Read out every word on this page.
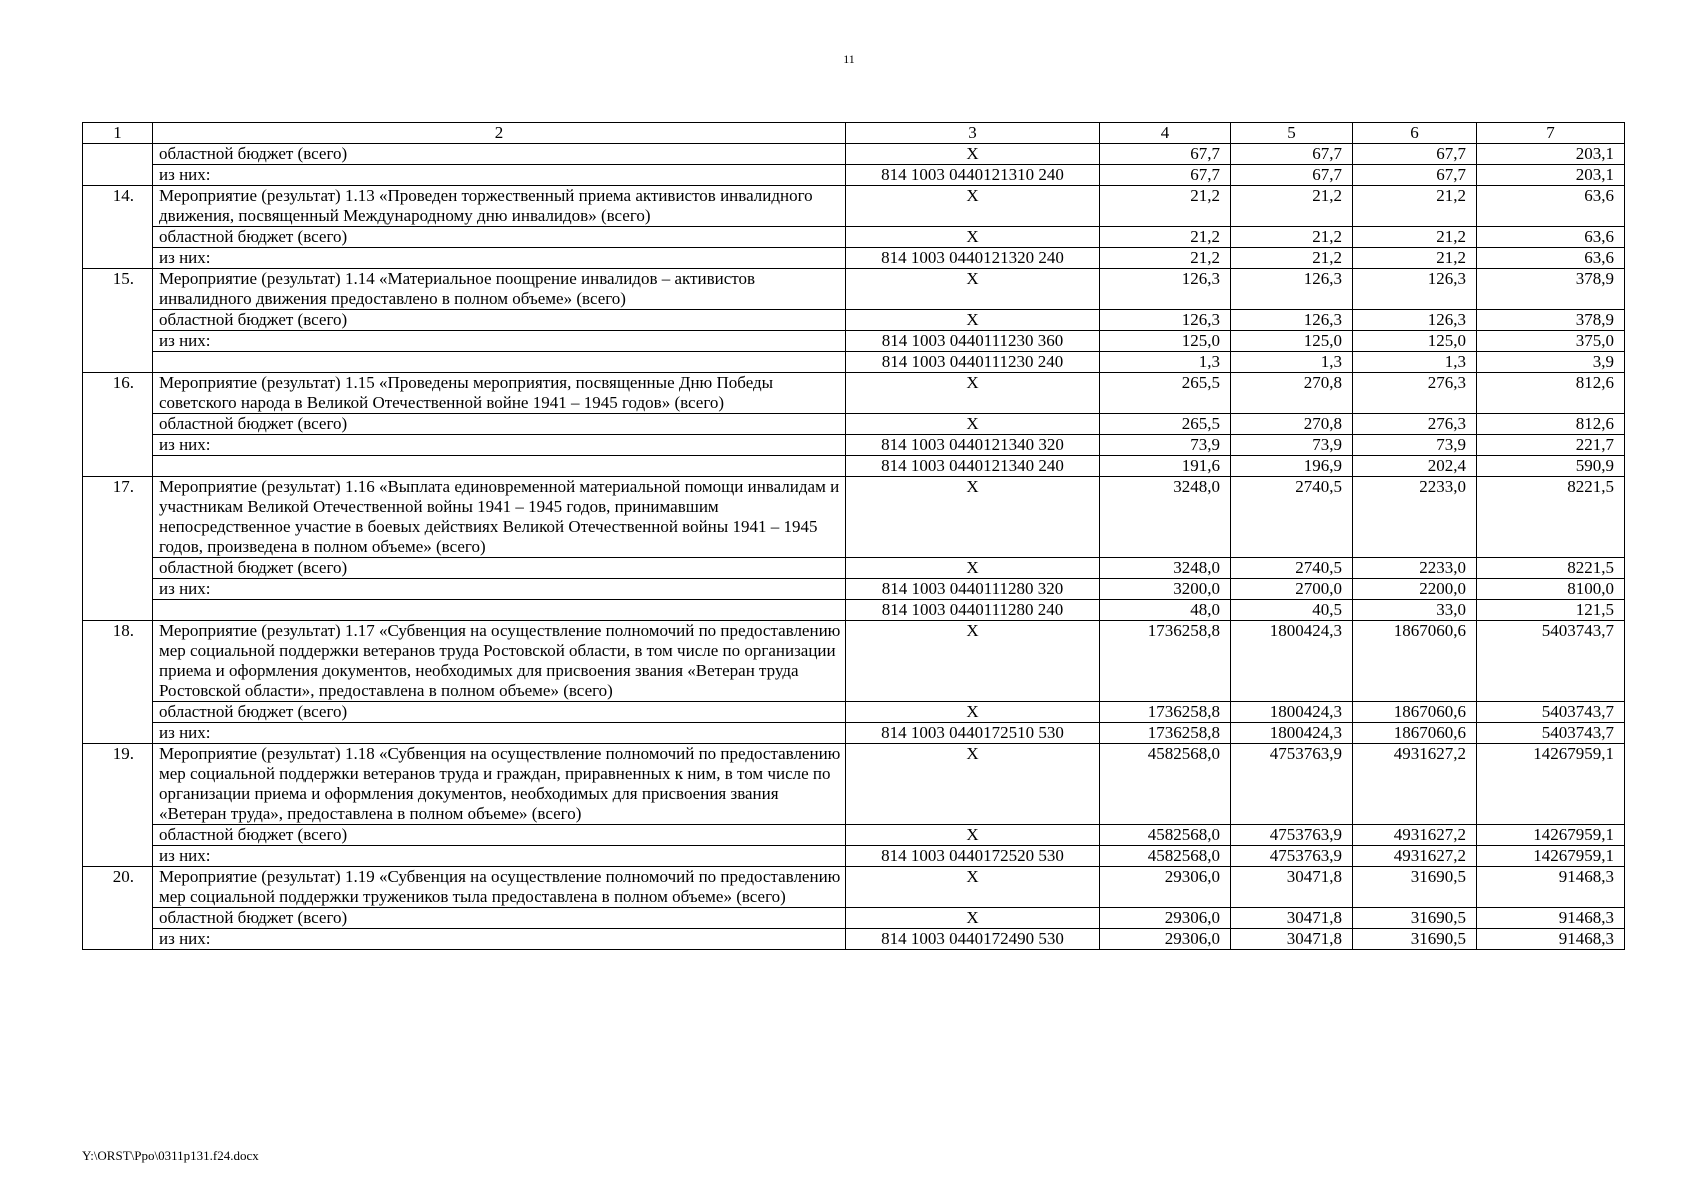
11
1	2	3	4	5	6	7
	областной бюджет (всего)	X	67,7	67,7	67,7	203,1
	из них:	814 1003 0440121310 240	67,7	67,7	67,7	203,1
14.	Мероприятие (результат) 1.13 «Проведен торжественный приема активистов инвалидного движения, посвященный Международному дню инвалидов» (всего)	X	21,2	21,2	21,2	63,6
	областной бюджет (всего)	X	21,2	21,2	21,2	63,6
	из них:	814 1003 0440121320 240	21,2	21,2	21,2	63,6
15.	Мероприятие (результат) 1.14 «Материальное поощрение инвалидов – активистов инвалидного движения предоставлено в полном объеме» (всего)	X	126,3	126,3	126,3	378,9
	областной бюджет (всего)	X	126,3	126,3	126,3	378,9
	из них:	814 1003 0440111230 360	125,0	125,0	125,0	375,0
		814 1003 0440111230 240	1,3	1,3	1,3	3,9
16.	Мероприятие (результат) 1.15 «Проведены мероприятия, посвященные Дню Победы советского народа в Великой Отечественной войне 1941 – 1945 годов» (всего)	X	265,5	270,8	276,3	812,6
	областной бюджет (всего)	X	265,5	270,8	276,3	812,6
	из них:	814 1003 0440121340 320	73,9	73,9	73,9	221,7
		814 1003 0440121340 240	191,6	196,9	202,4	590,9
17.	Мероприятие (результат) 1.16 «Выплата единовременной материальной помощи инвалидам и участникам Великой Отечественной войны 1941 – 1945 годов, принимавшим непосредственное участие в боевых действиях Великой Отечественной войны 1941 – 1945 годов, произведена в полном объеме» (всего)	X	3248,0	2740,5	2233,0	8221,5
	областной бюджет (всего)	X	3248,0	2740,5	2233,0	8221,5
	из них:	814 1003 0440111280 320	3200,0	2700,0	2200,0	8100,0
		814 1003 0440111280 240	48,0	40,5	33,0	121,5
18.	Мероприятие (результат) 1.17 «Субвенция на осуществление полномочий по предоставлению мер социальной поддержки ветеранов труда Ростовской области, в том числе по организации приема и оформления документов, необходимых для присвоения звания «Ветеран труда Ростовской области», предоставлена в полном объеме» (всего)	X	1736258,8	1800424,3	1867060,6	5403743,7
	областной бюджет (всего)	X	1736258,8	1800424,3	1867060,6	5403743,7
	из них:	814 1003 0440172510 530	1736258,8	1800424,3	1867060,6	5403743,7
19.	Мероприятие (результат) 1.18 «Субвенция на осуществление полномочий по предоставлению мер социальной поддержки ветеранов труда и граждан, приравненных к ним, в том числе по организации приема и оформления документов, необходимых для присвоения звания «Ветеран труда», предоставлена в полном объеме» (всего)	X	4582568,0	4753763,9	4931627,2	14267959,1
	областной бюджет (всего)	X	4582568,0	4753763,9	4931627,2	14267959,1
	из них:	814 1003 0440172520 530	4582568,0	4753763,9	4931627,2	14267959,1
20.	Мероприятие (результат) 1.19 «Субвенция на осуществление полномочий по предоставлению мер социальной поддержки тружеников тыла предоставлена в полном объеме» (всего)	X	29306,0	30471,8	31690,5	91468,3
	областной бюджет (всего)	X	29306,0	30471,8	31690,5	91468,3
	из них:	814 1003 0440172490 530	29306,0	30471,8	31690,5	91468,3
Y:\ORST\Ppo\0311p131.f24.docx
